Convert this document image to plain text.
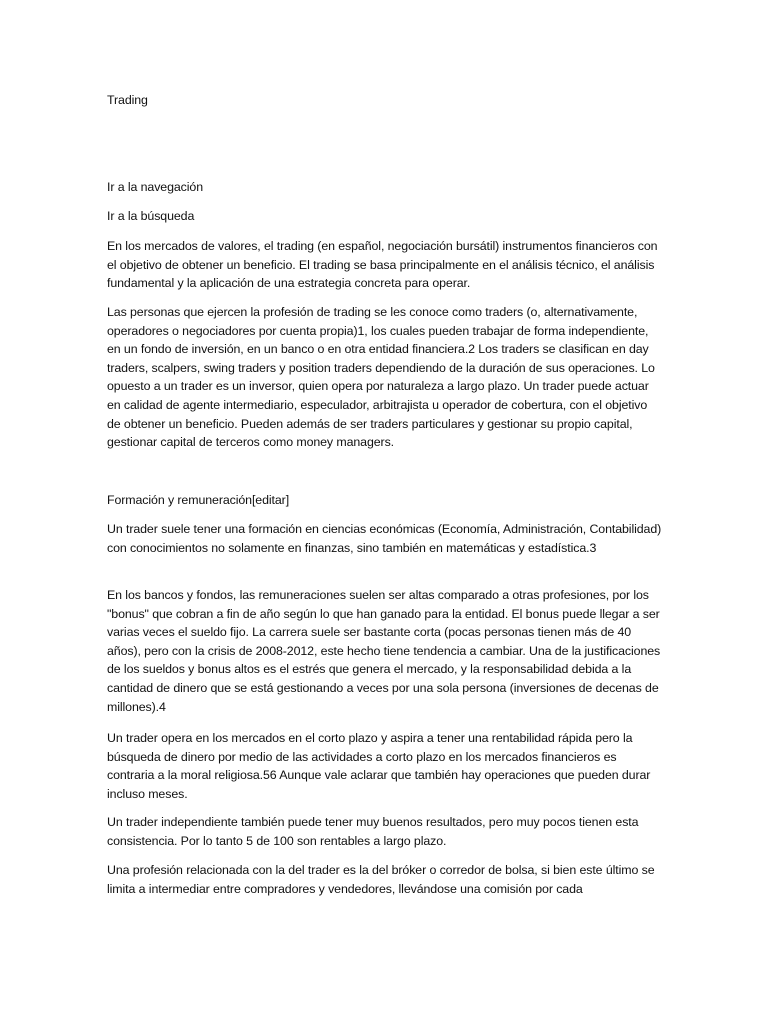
Trading

Ir a la navegación

Ir a la búsqueda

En los mercados de valores, el trading (en español, negociación bursátil) instrumentos financieros con el objetivo de obtener un beneficio. El trading se basa principalmente en el análisis técnico, el análisis fundamental y la aplicación de una estrategia concreta para operar.

Las personas que ejercen la profesión de trading se les conoce como traders (o, alternativamente, operadores o negociadores por cuenta propia)1, los cuales pueden trabajar de forma independiente, en un fondo de inversión, en un banco o en otra entidad financiera.2 Los traders se clasifican en day traders, scalpers, swing traders y position traders dependiendo de la duración de sus operaciones. Lo opuesto a un trader es un inversor, quien opera por naturaleza a largo plazo. Un trader puede actuar en calidad de agente intermediario, especulador, arbitrajista u operador de cobertura, con el objetivo de obtener un beneficio. Pueden además de ser traders particulares y gestionar su propio capital, gestionar capital de terceros como money managers.

Formación y remuneración[editar]

Un trader suele tener una formación en ciencias económicas (Economía, Administración, Contabilidad) con conocimientos no solamente en finanzas, sino también en matemáticas y estadística.3

En los bancos y fondos, las remuneraciones suelen ser altas comparado a otras profesiones, por los "bonus" que cobran a fin de año según lo que han ganado para la entidad. El bonus puede llegar a ser varias veces el sueldo fijo. La carrera suele ser bastante corta (pocas personas tienen más de 40 años), pero con la crisis de 2008-2012, este hecho tiene tendencia a cambiar. Una de la justificaciones de los sueldos y bonus altos es el estrés que genera el mercado, y la responsabilidad debida a la cantidad de dinero que se está gestionando a veces por una sola persona (inversiones de decenas de millones).4

Un trader opera en los mercados en el corto plazo y aspira a tener una rentabilidad rápida pero la búsqueda de dinero por medio de las actividades a corto plazo en los mercados financieros es contraria a la moral religiosa.56 Aunque vale aclarar que también hay operaciones que pueden durar incluso meses.

Un trader independiente también puede tener muy buenos resultados, pero muy pocos tienen esta consistencia. Por lo tanto 5 de 100 son rentables a largo plazo.

Una profesión relacionada con la del trader es la del bróker o corredor de bolsa, si bien este último se limita a intermediar entre compradores y vendedores, llevándose una comisión por cada
